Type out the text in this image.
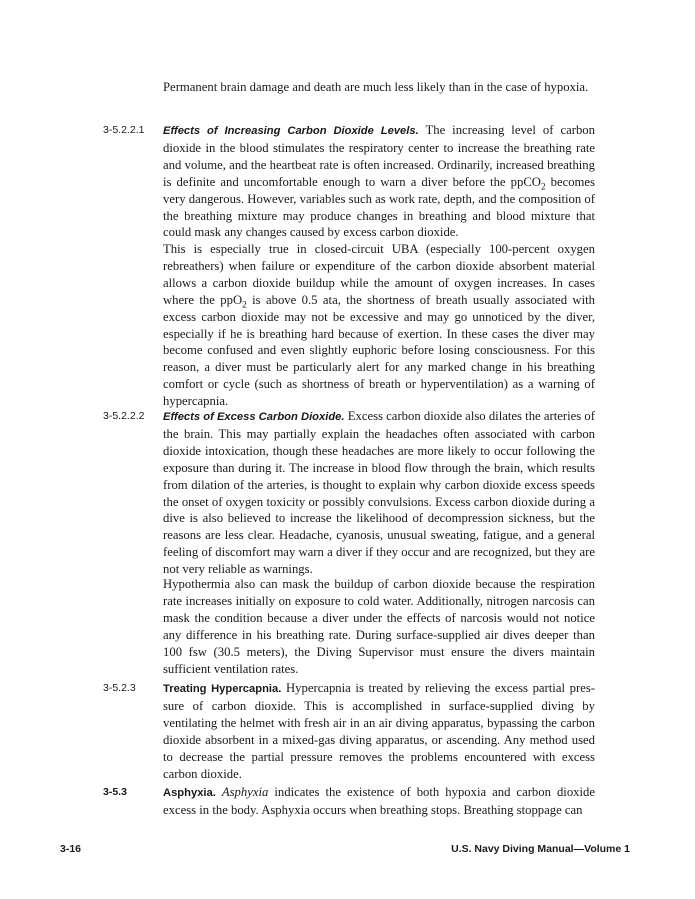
Permanent brain damage and death are much less likely than in the case of hypoxia.

3-5.2.2.1 Effects of Increasing Carbon Dioxide Levels. The increasing level of carbon dioxide in the blood stimulates the respiratory center to increase the breathing rate and volume, and the heartbeat rate is often increased. Ordinarily, increased breathing is definite and uncomfortable enough to warn a diver before the ppCO$_2$ becomes very dangerous. However, variables such as work rate, depth, and the composition of the breathing mixture may produce changes in breathing and blood mixture that could mask any changes caused by excess carbon dioxide.

This is especially true in closed-circuit UBA (especially 100-percent oxygen rebreathers) when failure or expenditure of the carbon dioxide absorbent material allows a carbon dioxide buildup while the amount of oxygen increases. In cases where the ppO$_2$ is above 0.5 ata, the shortness of breath usually associated with excess carbon dioxide may not be excessive and may go unnoticed by the diver, especially if he is breathing hard because of exertion. In these cases the diver may become confused and even slightly euphoric before losing consciousness. For this reason, a diver must be particularly alert for any marked change in his breathing comfort or cycle (such as shortness of breath or hyperventilation) as a warning of hypercapnia.

3-5.2.2.2 Effects of Excess Carbon Dioxide. Excess carbon dioxide also dilates the arteries of the brain. This may partially explain the headaches often associated with carbon dioxide intoxication, though these headaches are more likely to occur following the exposure than during it. The increase in blood flow through the brain, which results from dilation of the arteries, is thought to explain why carbon dioxide excess speeds the onset of oxygen toxicity or possibly convulsions. Excess carbon dioxide during a dive is also believed to increase the likelihood of decompression sickness, but the reasons are less clear. Headache, cyanosis, unusual sweating, fatigue, and a general feeling of discomfort may warn a diver if they occur and are recognized, but they are not very reliable as warnings.

Hypothermia also can mask the buildup of carbon dioxide because the respiration rate increases initially on exposure to cold water. Additionally, nitrogen narcosis can mask the condition because a diver under the effects of narcosis would not notice any difference in his breathing rate. During surface-supplied air dives deeper than 100 fsw (30.5 meters), the Diving Supervisor must ensure the divers maintain sufficient ventilation rates.

3-5.2.3 Treating Hypercapnia. Hypercapnia is treated by relieving the excess partial pressure of carbon dioxide. This is accomplished in surface-supplied diving by ventilating the helmet with fresh air in an air diving apparatus, bypassing the carbon dioxide absorbent in a mixed-gas diving apparatus, or ascending. Any method used to decrease the partial pressure removes the problems encountered with excess carbon dioxide.

3-5.3	Asphyxia. Asphyxia indicates the existence of both hypoxia and carbon dioxide excess in the body. Asphyxia occurs when breathing stops. Breathing stoppage can

3-16	U.S. Navy Diving Manual—Volume 1
